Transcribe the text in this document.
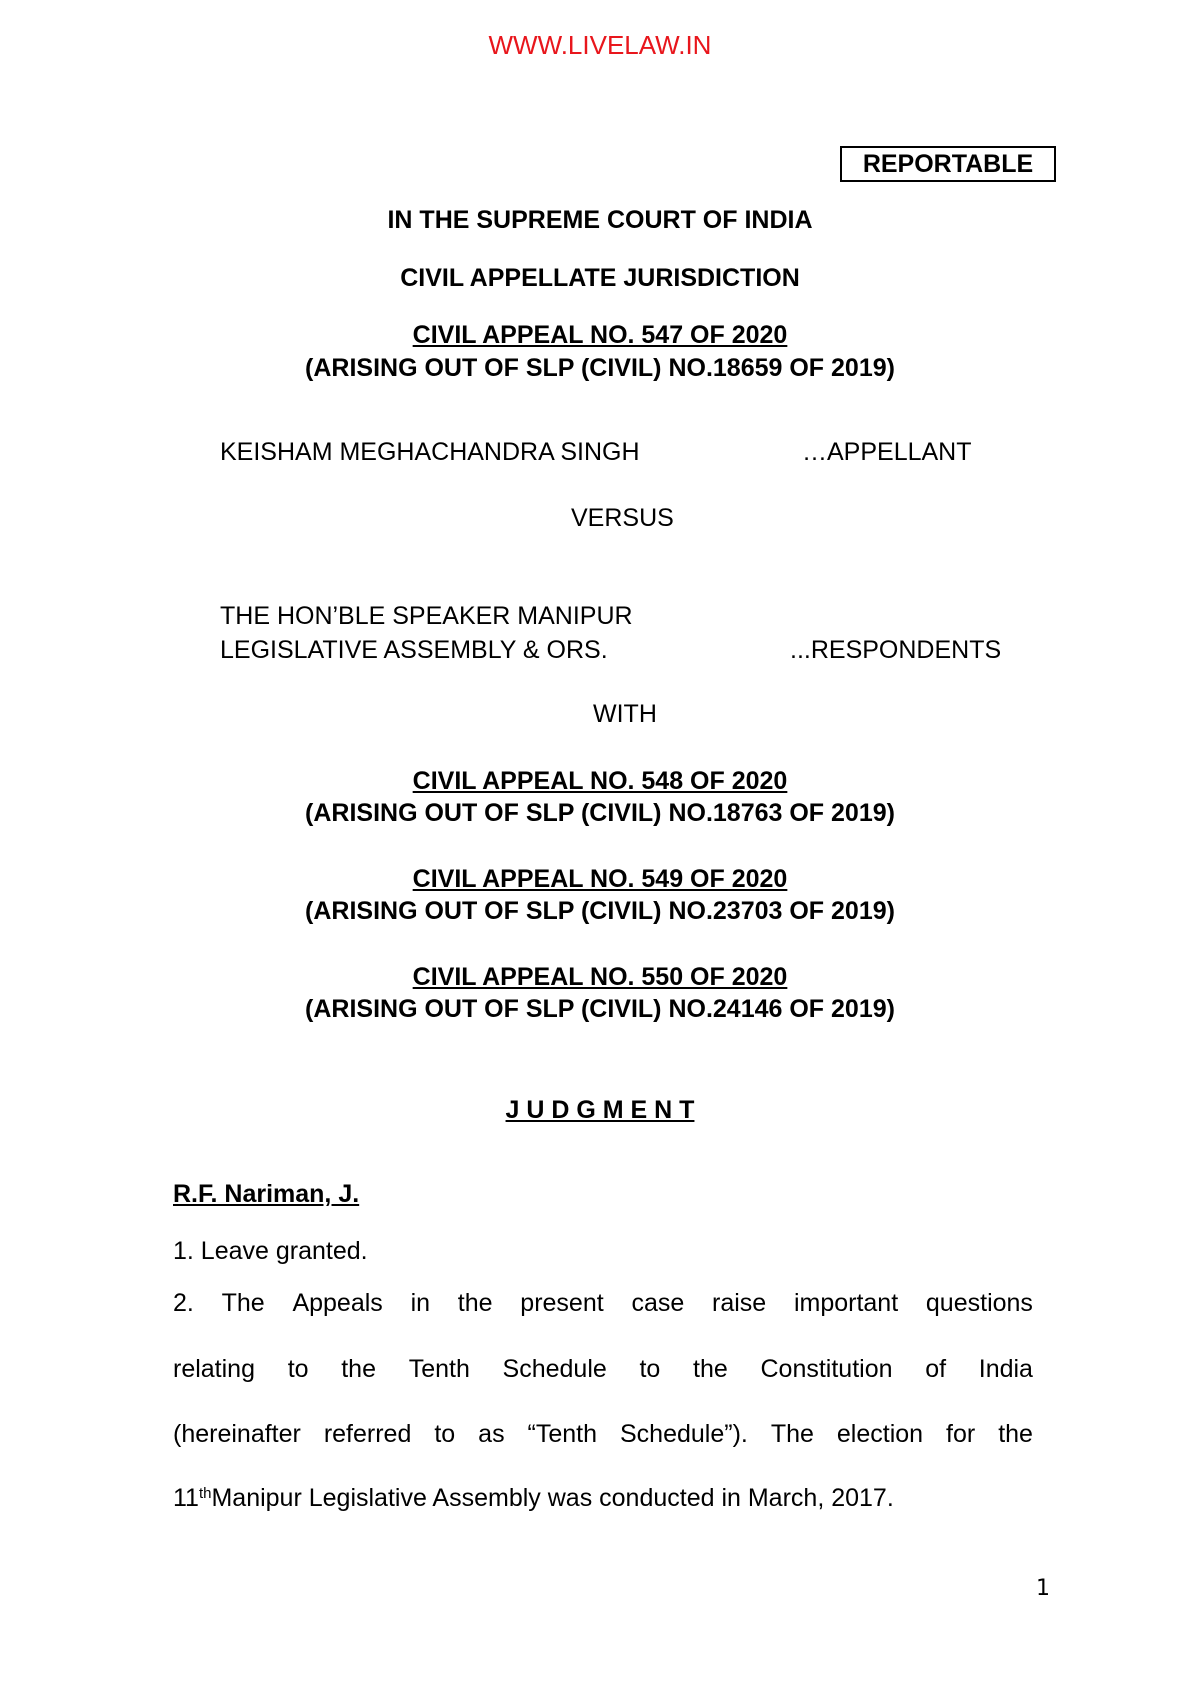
WWW.LIVELAW.IN
REPORTABLE
IN THE SUPREME COURT OF INDIA
CIVIL APPELLATE JURISDICTION
CIVIL APPEAL NO. 547 OF 2020
(ARISING OUT OF SLP (CIVIL) NO.18659 OF 2019)
KEISHAM MEGHACHANDRA SINGH	…APPELLANT
VERSUS
THE HON’BLE SPEAKER MANIPUR
LEGISLATIVE ASSEMBLY & ORS.	...RESPONDENTS
WITH
CIVIL APPEAL NO. 548 OF 2020
(ARISING OUT OF SLP (CIVIL) NO.18763 OF 2019)
CIVIL APPEAL NO. 549 OF 2020
(ARISING OUT OF SLP (CIVIL) NO.23703 OF 2019)
CIVIL APPEAL NO. 550 OF 2020
(ARISING OUT OF SLP (CIVIL) NO.24146 OF 2019)
J U D G M E N T
R.F. Nariman, J.
1. Leave granted.
2. The Appeals in the present case raise important questions
relating to the Tenth Schedule to the Constitution of India
(hereinafter referred to as “Tenth Schedule”). The election for the
11thManipur Legislative Assembly was conducted in March, 2017.
1
